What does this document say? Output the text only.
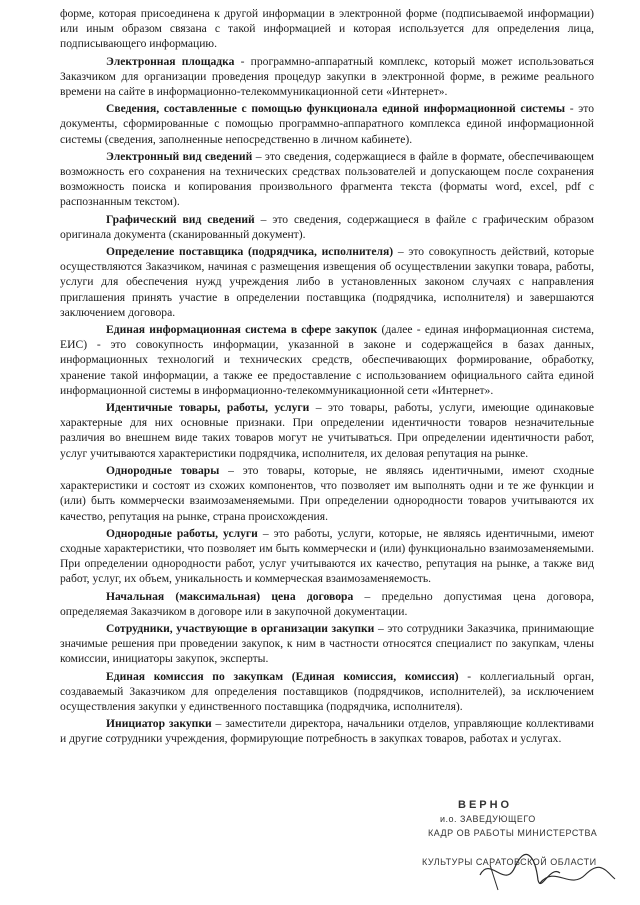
форме, которая присоединена к другой информации в электронной форме (подписываемой информации) или иным образом связана с такой информацией и которая используется для определения лица, подписывающего информацию.

Электронная площадка - программно-аппаратный комплекс, который может использоваться Заказчиком для организации проведения процедур закупки в электронной форме, в режиме реального времени на сайте в информационно-телекоммуникационной сети «Интернет».

Сведения, составленные с помощью функционала единой информационной системы - это документы, сформированные с помощью программно-аппаратного комплекса единой информационной системы (сведения, заполненные непосредственно в личном кабинете).

Электронный вид сведений – это сведения, содержащиеся в файле в формате, обеспечивающем возможность его сохранения на технических средствах пользователей и допускающем после сохранения возможность поиска и копирования произвольного фрагмента текста (форматы word, excel, pdf с распознанным текстом).

Графический вид сведений – это сведения, содержащиеся в файле с графическим образом оригинала документа (сканированный документ).

Определение поставщика (подрядчика, исполнителя) – это совокупность действий, которые осуществляются Заказчиком, начиная с размещения извещения об осуществлении закупки товара, работы, услуги для обеспечения нужд учреждения либо в установленных законом случаях с направления приглашения принять участие в определении поставщика (подрядчика, исполнителя) и завершаются заключением договора.

Единая информационная система в сфере закупок (далее - единая информационная система, ЕИС) - это совокупность информации, указанной в законе и содержащейся в базах данных, информационных технологий и технических средств, обеспечивающих формирование, обработку, хранение такой информации, а также ее предоставление с использованием официального сайта единой информационной системы в информационно-телекоммуникационной сети «Интернет».

Идентичные товары, работы, услуги – это товары, работы, услуги, имеющие одинаковые характерные для них основные признаки. При определении идентичности товаров незначительные различия во внешнем виде таких товаров могут не учитываться. При определении идентичности работ, услуг учитываются характеристики подрядчика, исполнителя, их деловая репутация на рынке.

Однородные товары – это товары, которые, не являясь идентичными, имеют сходные характеристики и состоят из схожих компонентов, что позволяет им выполнять одни и те же функции и (или) быть коммерчески взаимозаменяемыми. При определении однородности товаров учитываются их качество, репутация на рынке, страна происхождения.

Однородные работы, услуги – это работы, услуги, которые, не являясь идентичными, имеют сходные характеристики, что позволяет им быть коммерчески и (или) функционально взаимозаменяемыми. При определении однородности работ, услуг учитываются их качество, репутация на рынке, а также вид работ, услуг, их объем, уникальность и коммерческая взаимозаменяемость.

Начальная (максимальная) цена договора – предельно допустимая цена договора, определяемая Заказчиком в договоре или в закупочной документации.

Сотрудники, участвующие в организации закупки – это сотрудники Заказчика, принимающие значимые решения при проведении закупок, к ним в частности относятся специалист по закупкам, члены комиссии, инициаторы закупок, эксперты.

Единая комиссия по закупкам (Единая комиссия, комиссия) - коллегиальный орган, создаваемый Заказчиком для определения поставщиков (подрядчиков, исполнителей), за исключением осуществления закупки у единственного поставщика (подрядчика, исполнителя).

Инициатор закупки – заместители директора, начальники отделов, управляющие коллективами и другие сотрудники учреждения, формирующие потребность в закупках товаров, работах и услугах.

ВЕРНО
и.о. ЗАВЕДУЮЩЕГО
КАДР ОВ РАБОТЫ МИНИСТЕРСТВА
КУЛЬТУРЫ САРАТОВСКОЙ ОБЛАСТИ
